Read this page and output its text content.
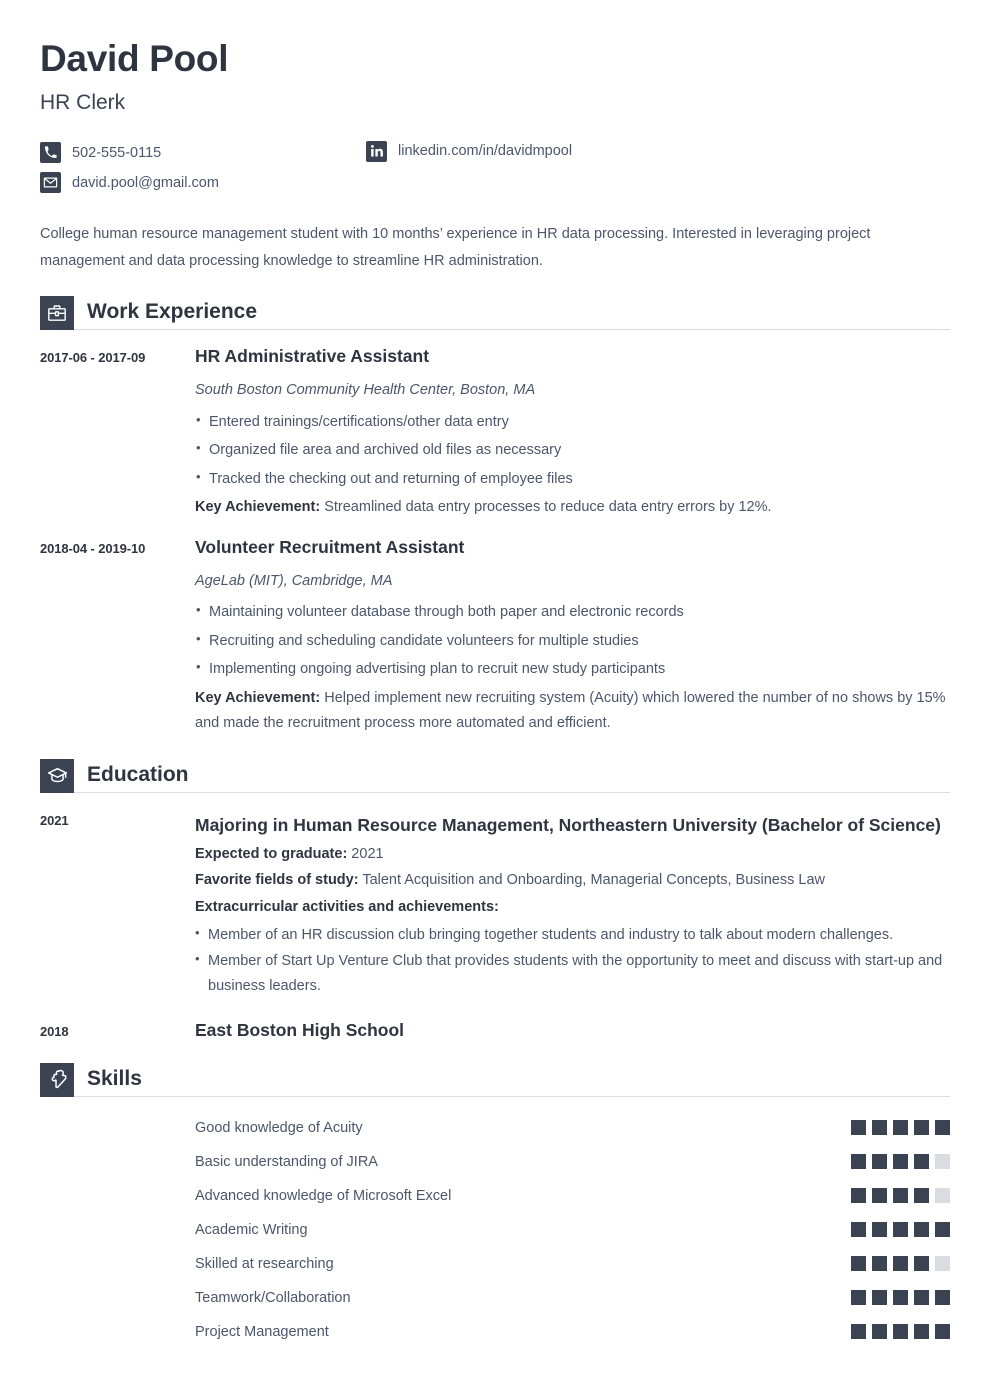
David Pool
HR Clerk
502-555-0115	linkedin.com/in/davidmpool
david.pool@gmail.com

College human resource management student with 10 months’ experience in HR data processing. Interested in leveraging project management and data processing knowledge to streamline HR administration.

Work Experience
2017-06 - 2017-09	HR Administrative Assistant
South Boston Community Health Center, Boston, MA
• Entered trainings/certifications/other data entry
• Organized file area and archived old files as necessary
• Tracked the checking out and returning of employee files
Key Achievement: Streamlined data entry processes to reduce data entry errors by 12%.
2018-04 - 2019-10	Volunteer Recruitment Assistant
AgeLab (MIT), Cambridge, MA
• Maintaining volunteer database through both paper and electronic records
• Recruiting and scheduling candidate volunteers for multiple studies
• Implementing ongoing advertising plan to recruit new study participants
Key Achievement: Helped implement new recruiting system (Acuity) which lowered the number of no shows by 15% and made the recruitment process more automated and efficient.
Education
2021	Majoring in Human Resource Management, Northeastern University (Bachelor of Science)
Expected to graduate: 2021
Favorite fields of study: Talent Acquisition and Onboarding, Managerial Concepts, Business Law
Extracurricular activities and achievements:
• Member of an HR discussion club bringing together students and industry to talk about modern challenges.
• Member of Start Up Venture Club that provides students with the opportunity to meet and discuss with start-up and business leaders.
2018	East Boston High School
Skills
Good knowledge of Acuity
Basic understanding of JIRA
Advanced knowledge of Microsoft Excel
Academic Writing
Skilled at researching
Teamwork/Collaboration
Project Management
